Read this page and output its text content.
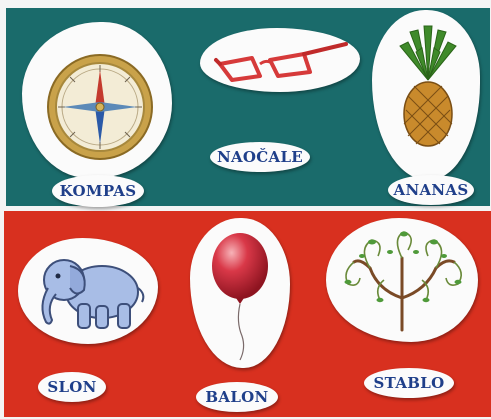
KOMPAS
NAOČALE
ANANAS
SLON
BALON
STABLO
